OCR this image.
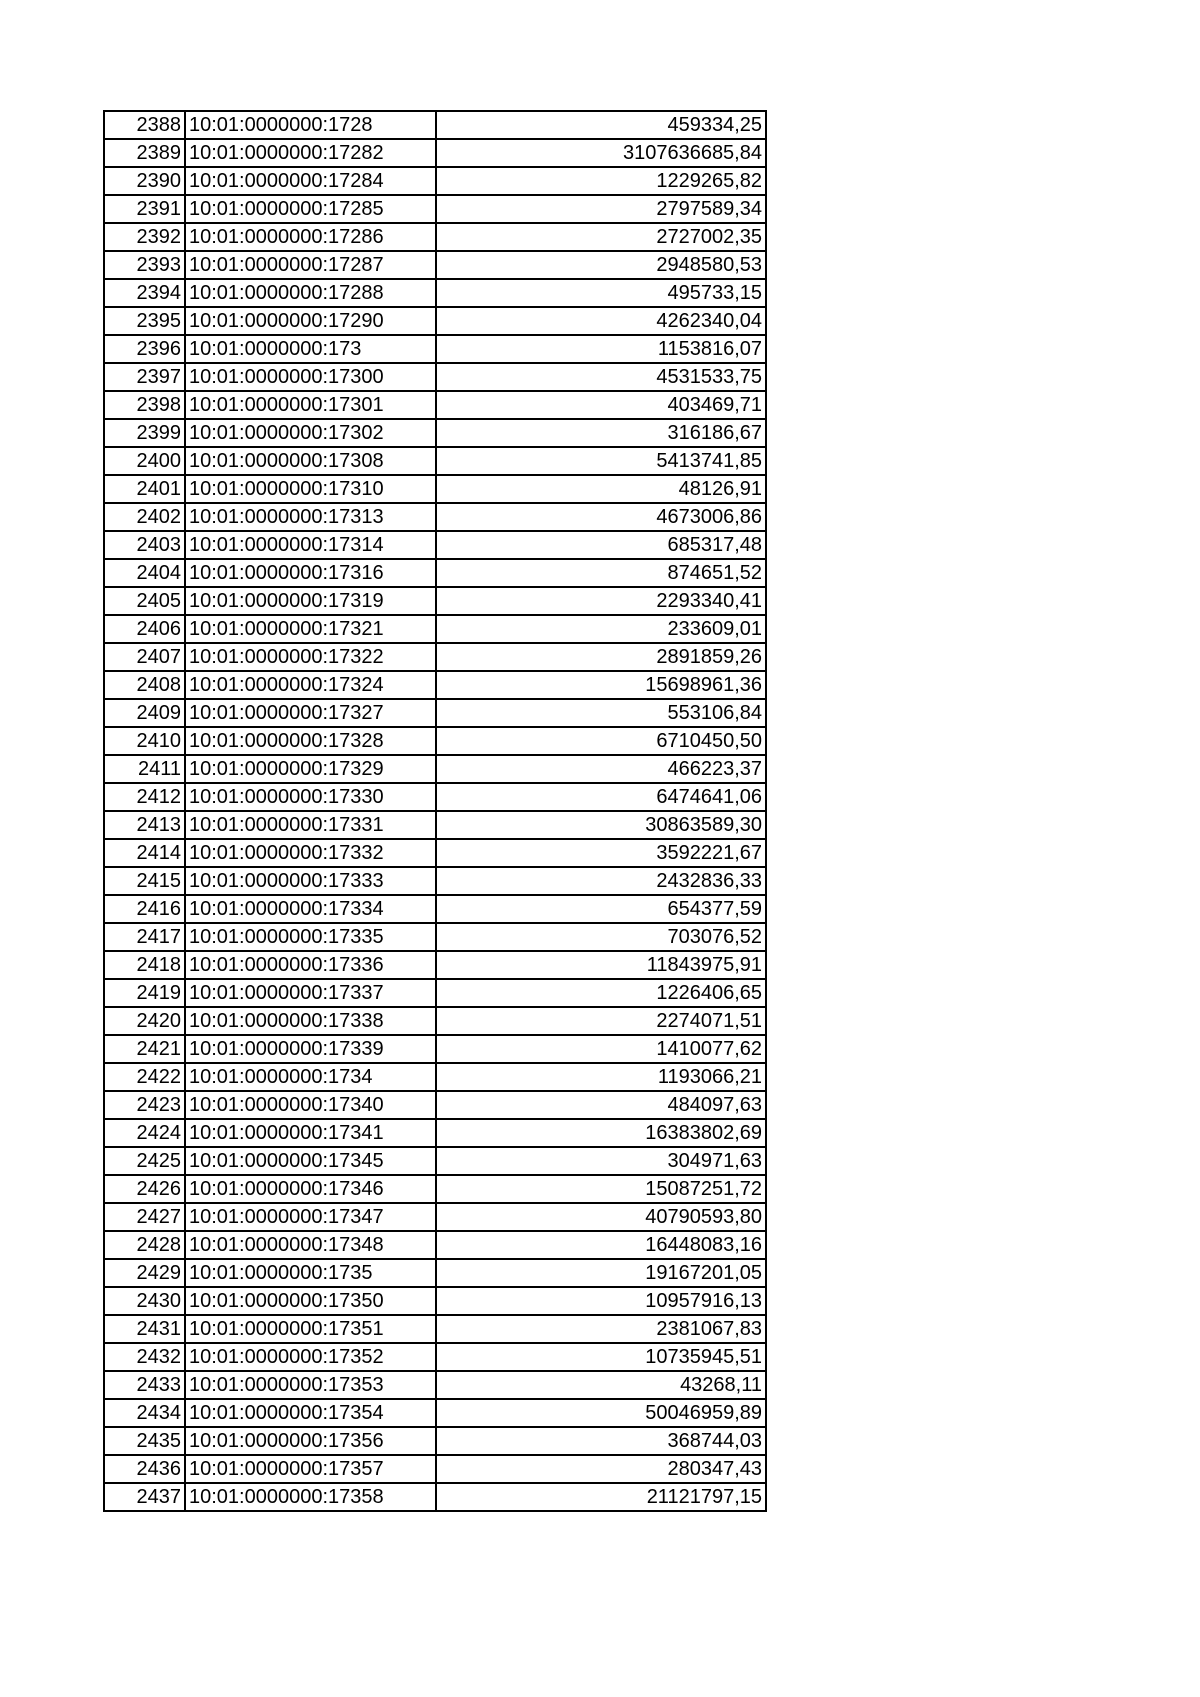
2388	10:01:0000000:1728	459334,25
2389	10:01:0000000:17282	3107636685,84
2390	10:01:0000000:17284	1229265,82
2391	10:01:0000000:17285	2797589,34
2392	10:01:0000000:17286	2727002,35
2393	10:01:0000000:17287	2948580,53
2394	10:01:0000000:17288	495733,15
2395	10:01:0000000:17290	4262340,04
2396	10:01:0000000:173	1153816,07
2397	10:01:0000000:17300	4531533,75
2398	10:01:0000000:17301	403469,71
2399	10:01:0000000:17302	316186,67
2400	10:01:0000000:17308	5413741,85
2401	10:01:0000000:17310	48126,91
2402	10:01:0000000:17313	4673006,86
2403	10:01:0000000:17314	685317,48
2404	10:01:0000000:17316	874651,52
2405	10:01:0000000:17319	2293340,41
2406	10:01:0000000:17321	233609,01
2407	10:01:0000000:17322	2891859,26
2408	10:01:0000000:17324	15698961,36
2409	10:01:0000000:17327	553106,84
2410	10:01:0000000:17328	6710450,50
2411	10:01:0000000:17329	466223,37
2412	10:01:0000000:17330	6474641,06
2413	10:01:0000000:17331	30863589,30
2414	10:01:0000000:17332	3592221,67
2415	10:01:0000000:17333	2432836,33
2416	10:01:0000000:17334	654377,59
2417	10:01:0000000:17335	703076,52
2418	10:01:0000000:17336	11843975,91
2419	10:01:0000000:17337	1226406,65
2420	10:01:0000000:17338	2274071,51
2421	10:01:0000000:17339	1410077,62
2422	10:01:0000000:1734	1193066,21
2423	10:01:0000000:17340	484097,63
2424	10:01:0000000:17341	16383802,69
2425	10:01:0000000:17345	304971,63
2426	10:01:0000000:17346	15087251,72
2427	10:01:0000000:17347	40790593,80
2428	10:01:0000000:17348	16448083,16
2429	10:01:0000000:1735	19167201,05
2430	10:01:0000000:17350	10957916,13
2431	10:01:0000000:17351	2381067,83
2432	10:01:0000000:17352	10735945,51
2433	10:01:0000000:17353	43268,11
2434	10:01:0000000:17354	50046959,89
2435	10:01:0000000:17356	368744,03
2436	10:01:0000000:17357	280347,43
2437	10:01:0000000:17358	21121797,15
